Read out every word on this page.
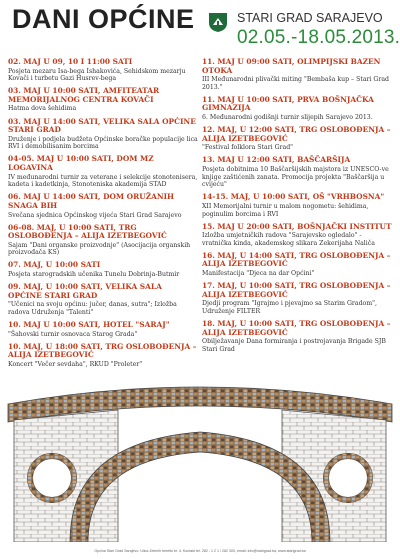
DANI OPĆINE	STARI GRAD SARAJEVO
02.05.-18.05.2013.
02. MAJ U 09, 10 I 11:00 SATI
Posjeta mezaru Isa-bega Ishakovića, Sehidskom mezarju Kovači i turbetu Gazi Husrev-bega
03. MAJ U 10:00 SATI, AMFITEATAR MEMORIJALNOG CENTRA KOVAČI
Hatma dova šehidima
03. MAJ U 14:00 SATI, VELIKA SALA OPĆINE STARI GRAD
Druženje i podjela budžeta Općinske boračke populacije lica RVI i demobilisanim borcima
04-05. MAJ U 10:00 SATI, DOM MZ LOGAVINA
IV međunarodni turnir za veterane i selekcije stonotenisera, kadeta i kadetkinja, Stonoteniska akademija STAD
06. MAJ U 14:00 SATI, DOM ORUŽANIH SNAGA BIH
Svečana sjednica Općinskog vijeća Stari Grad Sarajevo
06-08. MAJ, U 10:00 SATI, TRG OSLOBOĐENJA – ALIJA IZETBEGOVIĆ
Sajam "Dani organske proizvodnje" (Asocijacija organskih proizvođača KS)
07. MAJ, U 10:00 SATI
Posjeta starogradskih učenika Tunelu Dobrinja-Butmir
09. MAJ, U 10:00 SATI, VELIKA SALA OPĆINE STARI GRAD
"Učenici na svoju općinu: jučer, danas, sutra"; Izložba radova Udruženja "Talenti"
10. MAJ U 10:00 SATI, HOTEL "SARAJ"
"Šahovski turnir osnovaca Starog Grada"
10. MAJ, U 18:00 SATI, TRG OSLOBOĐENJA – ALIJA IZETBEGOVIĆ
Koncert "Večer sevdaha", RKUD "Proleter"
11. MAJ U 09:00 SATI, OLIMPIJSKI BAZEN OTOKA
III Međunarodni plivački miting "Bembaša kup – Stari Grad 2013."
11. MAJ U 10:00 SATI, PRVA BOŠNJAČKA GIMNAZIJA
6. Međunarodni godišnji turnir slijepih Sarajevo 2013.
12. MAJ, U 12:00 SATI, TRG OSLOBOĐENJA – ALIJA IZETBEGOVIĆ
"Festival folklora Stari Grad"
13. MAJ U 12:00 SATI, BAŠČARŠIJA
Posjeta dobitnima 10 Baščaršijskih majstora iz UNESCO-ve knjige zaštićenih zanata. Promocija projekta "Baščaršija u cvijeću"
14-15. MAJ, U 10:00 SATI, OŠ "VRHBOSNA"
XII Memorijalni turnir u malom nogometu: šehidima, poginulim borcima i RVI
15. MAJ U 20:00 SATI, BOŠNJAČKI INSTITUT
Izložba umjetničkih radova "Sarajevsko ogledalo" - vratnička kinda, akademskog slikara Zekerijaha Naliča
16. MAJ, U 14:00 SATI, TRG OSLOBOĐENJA – ALIJA IZETBEGOVIĆ
Manifestacija "Djeca na dar Općini"
17. MAJ, U 10:00 SATI, TRG OSLOBOĐENJA – ALIJA IZETBEGOVIĆ
Djedji program "Igrajmo i pjevajmo sa Starim Gradom", Udruženje FILTER
18. MAJ, U 10:00 SATI, TRG OSLOBOĐENJA – ALIJA IZETBEGOVIĆ
Obilježavanje Dana formiranja i postrojavanja Brigade SJB Stari Grad
Općina Stari Grad Sarajevo, Ulica Zelenih beretki br. 4, Kontakt tel. 282 - 1 2 1 / 282 300, email: info@starigrad.ba, www.starigrad.ba
